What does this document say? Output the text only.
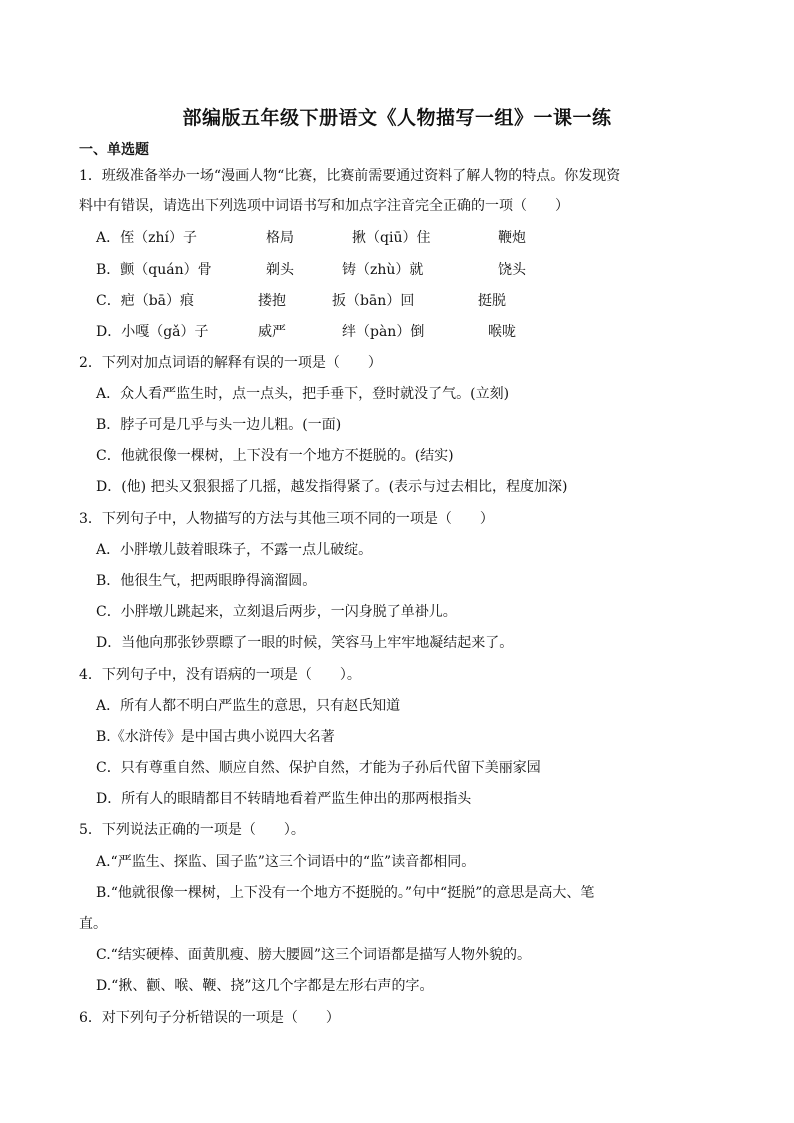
部编版五年级下册语文《人物描写一组》一课一练
一、单选题
1．班级准备举办一场“漫画人物“比赛，比赛前需要通过资料了解人物的特点。你发现资
料中有错误，请选出下列选项中词语书写和加点字注音完全正确的一项（　　）
A．侄（zhí）子	格局	揪（qiū）住	鞭炮
B．颤（quán）骨	剃头	铸（zhù）就	饶头
C．疤（bā）痕	搂抱	扳（bān）回	挺脱
D．小嘎（gǎ）子	威严	绊（pàn）倒	喉咙
2．下列对加点词语的解释有误的一项是（　　）
A．众人看严监生时，点一点头，把手垂下，登时就没了气。(立刻)
B．脖子可是几乎与头一边儿粗。(一面)
C．他就很像一棵树，上下没有一个地方不挺脱的。(结实)
D．(他) 把头又狠狠摇了几摇，越发指得紧了。(表示与过去相比，程度加深)
3．下列句子中，人物描写的方法与其他三项不同的一项是（　　）
A．小胖墩儿鼓着眼珠子，不露一点儿破绽。
B．他很生气，把两眼睁得滴溜圆。
C．小胖墩儿跳起来，立刻退后两步，一闪身脱了单褂儿。
D．当他向那张钞票瞟了一眼的时候，笑容马上牢牢地凝结起来了。
4．下列句子中，没有语病的一项是（　　）。
A．所有人都不明白严监生的意思，只有赵氏知道
B.《水浒传》是中国古典小说四大名著
C．只有尊重自然、顺应自然、保护自然，才能为子孙后代留下美丽家园
D．所有人的眼睛都目不转睛地看着严监生伸出的那两根指头
5．下列说法正确的一项是（　　）。
A.“严监生、探监、国子监”这三个词语中的“监”读音都相同。
B.“他就很像一棵树，上下没有一个地方不挺脱的。”句中“挺脱”的意思是高大、笔
直。
C.“结实硬棒、面黄肌瘦、膀大腰圆”这三个词语都是描写人物外貌的。
D.“揪、颧、喉、鞭、挠”这几个字都是左形右声的字。
6．对下列句子分析错误的一项是（　　）
